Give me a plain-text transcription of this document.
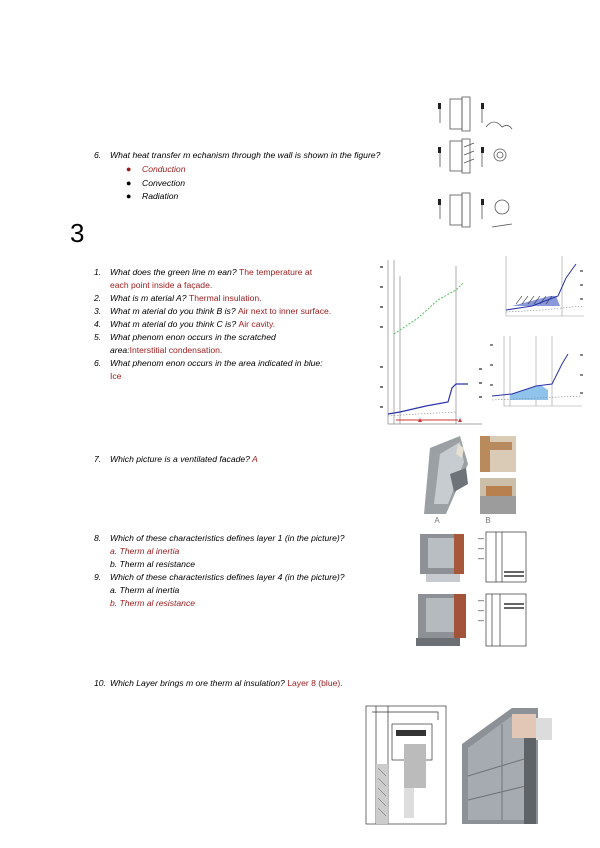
6. What heat transfer m echanism through the wall is shown in the figure?
● Conduction
● Convection
● Radiation
3
1. What does the green line m ean? The temperature at
each point inside a façade.
2. What is m aterial A? Thermal insulation.
3. What m aterial do you think B is? Air next to inner surface.
4. What m aterial do you think C is? Air cavity.
5. What phenom enon occurs in the scratched
area:Interstitial condensation.
6. What phenom enon occurs in the area indicated in blue:
Ice
7. Which picture is a ventilated facade? A
A	B
8. Which of these characteristics defines layer 1 (in the picture)?
a. Therm al inertia
b. Therm al resistance
9. Which of these characteristics defines layer 4 (in the picture)?
a. Therm al inertia
b. Therm al resistance
10. Which Layer brings m ore therm al insulation? Layer 8 (blue).
